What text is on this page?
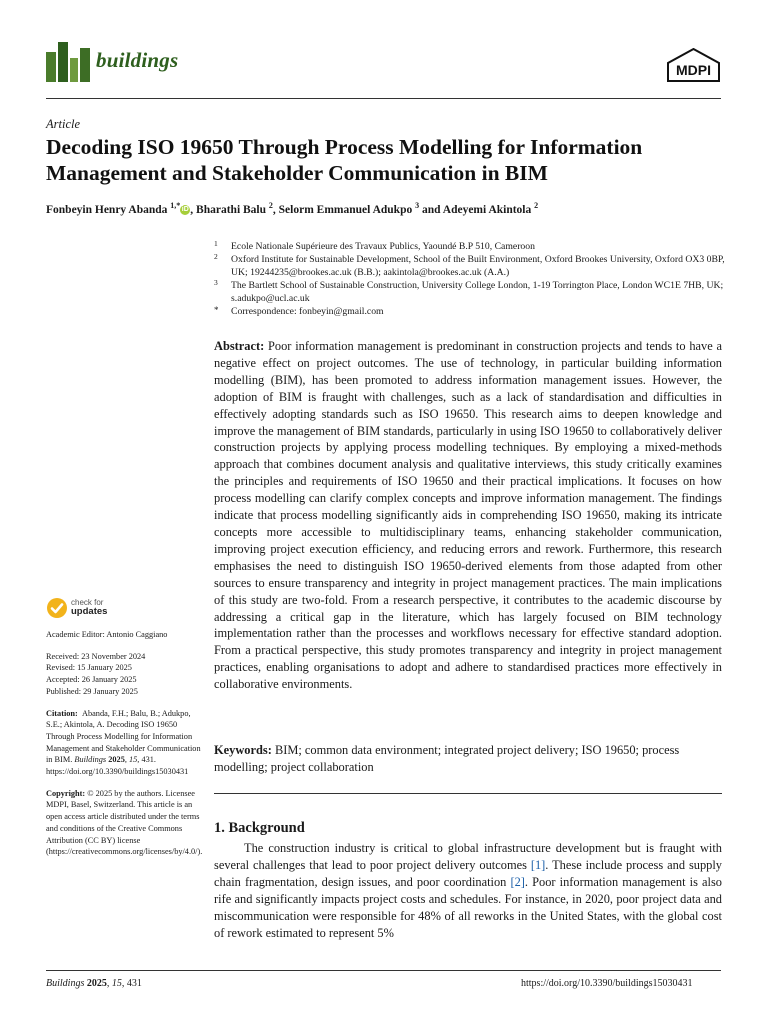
buildings	MDPI
Article
Decoding ISO 19650 Through Process Modelling for Information Management and Stakeholder Communication in BIM
Fonbeyin Henry Abanda $^{1,*}$ iD , Bharathi Balu $^2$, Selorm Emmanuel Adukpo $^3$ and Adeyemi Akintola $^2$

1 Ecole Nationale Supérieure des Travaux Publics, Yaoundé B.P 510, Cameroon

2 Oxford Institute for Sustainable Development, School of the Built Environment, Oxford Brookes University, Oxford OX3 0BP, UK; 19244235@brookes.ac.uk (B.B.); aakintola@brookes.ac.uk (A.A.)

3 The Bartlett School of Sustainable Construction, University College London, 1-19 Torrington Place, London WC1E 7HB, UK; s.adukpo@ucl.ac.uk

* Correspondence: fonbeyin@gmail.com

Abstract: Poor information management is predominant in construction projects and tends to have a negative effect on project outcomes. The use of technology, in particular building information modelling (BIM), has been promoted to address information management issues. However, the adoption of BIM is fraught with challenges, such as a lack of standardisation and difficulties in effectively adopting standards such as ISO 19650. This research aims to deepen knowledge and improve the management of BIM standards, particularly in using ISO 19650 to collaboratively deliver construction projects by applying process modelling techniques. By employing a mixed-methods approach that combines document analysis and qualitative interviews, this study critically examines the principles and requirements of ISO 19650 and their practical implications. It focuses on how process modelling can clarify complex concepts and improve information management. The findings indicate that process modelling significantly aids in comprehending ISO 19650, making its intricate concepts more accessible to multidisciplinary teams, enhancing stakeholder communication, improving project execution efficiency, and reducing errors and rework. Furthermore, this research emphasises the need to distinguish ISO 19650-derived elements from those adapted from other sources to ensure transparency and integrity in project management practices. The main implications of this study are two-fold. From a research perspective, it contributes to the academic discourse by addressing a critical gap in the literature, which has largely focused on BIM technology implementation rather than the processes and workflows necessary for effective standard adoption. From a practical perspective, this study promotes transparency and integrity in project management practices, enabling organisations to adopt and adhere to standardised practices more effectively in collaborative environments.

Keywords: BIM; common data environment; integrated project delivery; ISO 19650; process modelling; project collaboration

1. Background

The construction industry is critical to global infrastructure development but is fraught with several challenges that lead to poor project delivery outcomes [1]. These include process and supply chain fragmentation, design issues, and poor coordination [2]. Poor information management is also rife and significantly impacts project costs and schedules. For instance, in 2020, poor project data and miscommunication were responsible for 48% of all reworks in the United States, with the global cost of rework estimated to represent 5%

check for
updates

Academic Editor: Antonio Caggiano

Received: 23 November 2024

Revised: 15 January 2025

Accepted: 26 January 2025

Published: 29 January 2025

Citation: Abanda, F.H.; Balu, B.; Adukpo, S.E.; Akintola, A. Decoding ISO 19650 Through Process Modelling for Information Management and Stakeholder Communication in BIM. Buildings 2025, 15, 431. https://doi.org/10.3390/buildings15030431

Copyright: © 2025 by the authors. Licensee MDPI, Basel, Switzerland. This article is an open access article distributed under the terms and conditions of the Creative Commons Attribution (CC BY) license (https://creativecommons.org/licenses/by/4.0/).

Buildings 2025, 15, 431	https://doi.org/10.3390/buildings15030431
